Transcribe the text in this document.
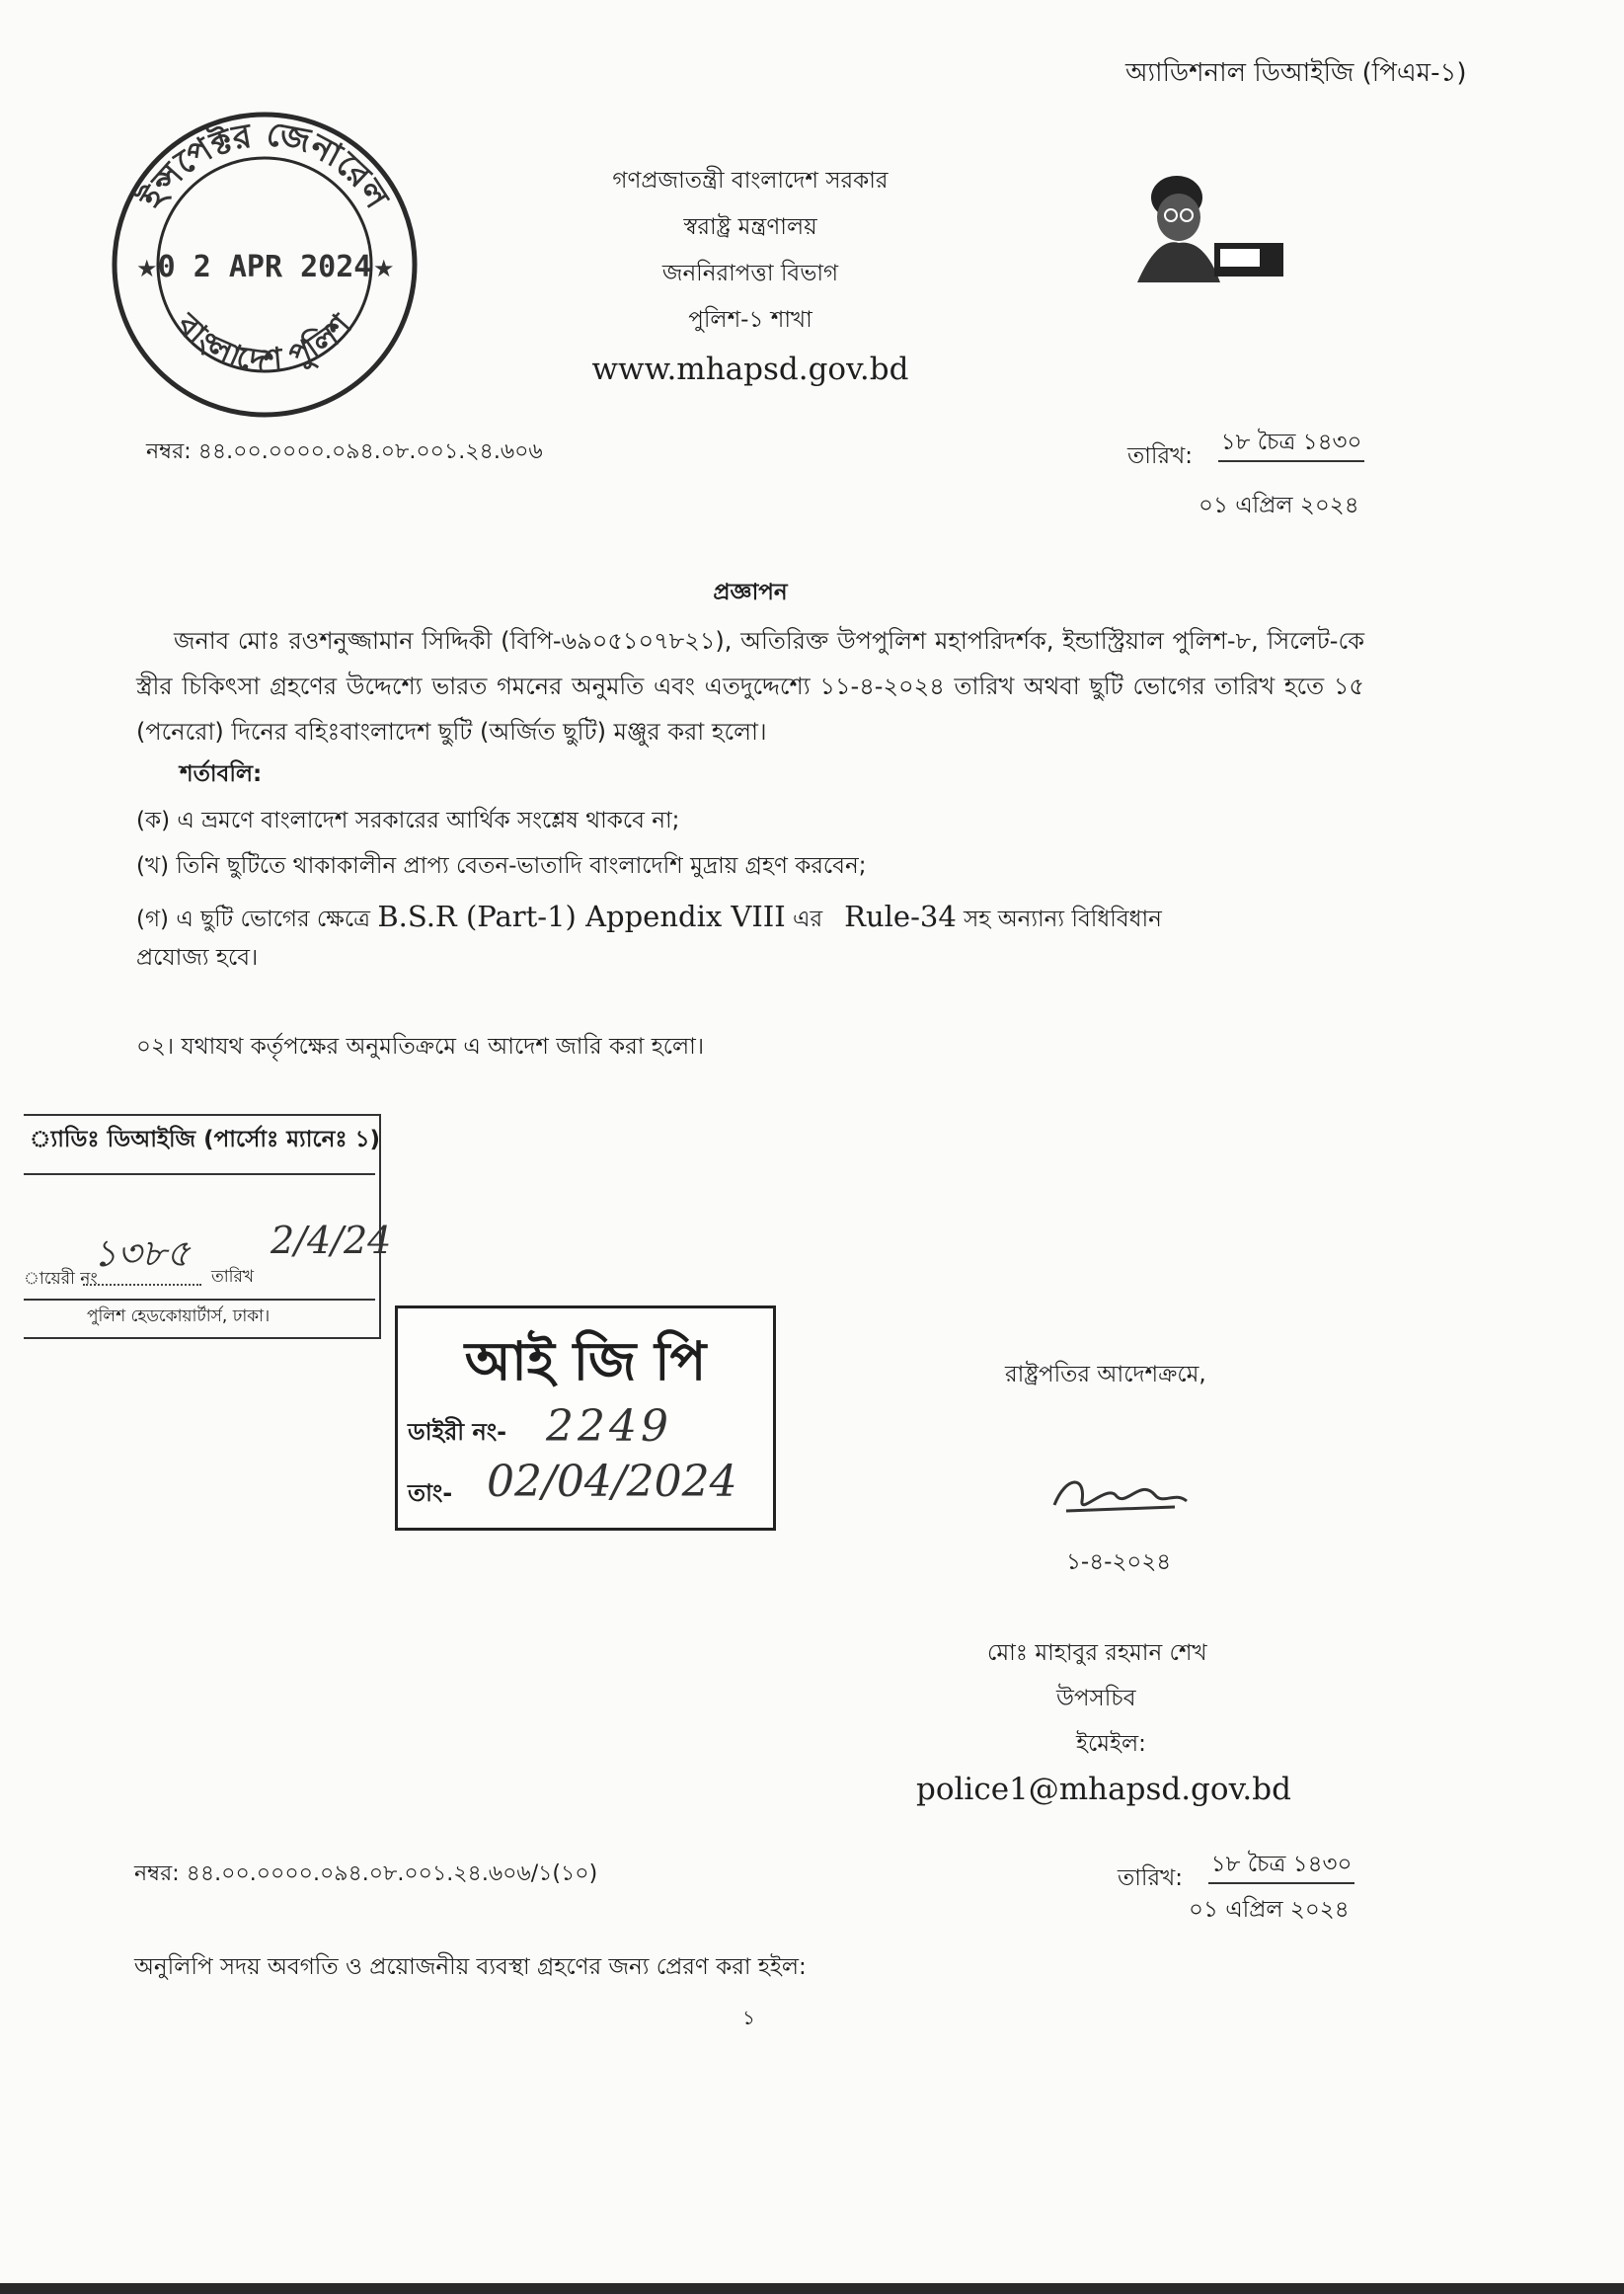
অ্যাডিশনাল ডিআইজি (পিএম-১)
ইন্সপেক্টর জেনারেল
বাংলাদেশ পুলিশ
0 2 APR 2024
★	★
গণপ্রজাতন্ত্রী বাংলাদেশ সরকার
স্বরাষ্ট্র মন্ত্রণালয়
জননিরাপত্তা বিভাগ
পুলিশ-১ শাখা
www.mhapsd.gov.bd
নম্বর: ৪৪.০০.০০০০.০৯৪.০৮.০০১.২৪.৬০৬	তারিখ:
১৮ চৈত্র ১৪৩০
০১ এপ্রিল ২০২৪
প্রজ্ঞাপন
জনাব মোঃ রওশনুজ্জামান সিদ্দিকী (বিপি-৬৯০৫১০৭৮২১), অতিরিক্ত উপপুলিশ মহাপরিদর্শক, ইন্ডাস্ট্রিয়াল পুলিশ-৮, সিলেট-কে স্ত্রীর চিকিৎসা গ্রহণের উদ্দেশ্যে ভারত গমনের অনুমতি এবং এতদুদ্দেশ্যে ১১-৪-২০২৪ তারিখ অথবা ছুটি ভোগের তারিখ হতে ১৫ (পনেরো) দিনের বহিঃবাংলাদেশ ছুটি (অর্জিত ছুটি) মঞ্জুর করা হলো।
শর্তাবলি:
(ক) এ ভ্রমণে বাংলাদেশ সরকারের আর্থিক সংশ্লেষ থাকবে না;
(খ) তিনি ছুটিতে থাকাকালীন প্রাপ্য বেতন-ভাতাদি বাংলাদেশি মুদ্রায় গ্রহণ করবেন;
(গ) এ ছুটি ভোগের ক্ষেত্রে B.S.R (Part-1) Appendix VIII এর Rule-34 সহ অন্যান্য বিধিবিধান
প্রযোজ্য হবে।
০২। যথাযথ কর্তৃপক্ষের অনুমতিক্রমে এ আদেশ জারি করা হলো।
্যাডিঃ ডিআইজি (পার্সোঃ ম্যানেঃ ১)
১৩৮৫ 2/4/24
ায়েরী নং	তারিখ
পুলিশ হেডকোয়ার্টার্স, ঢাকা।
আই জি পি
ডাইরী নং- 2249
তাং- 02/04/2024
রাষ্ট্রপতির আদেশক্রমে,
১-৪-২০২৪
মোঃ মাহাবুর রহমান শেখ
উপসচিব
ইমেইল:
police1@mhapsd.gov.bd
নম্বর: ৪৪.০০.০০০০.০৯৪.০৮.০০১.২৪.৬০৬/১(১০)	তারিখ:
১৮ চৈত্র ১৪৩০
০১ এপ্রিল ২০২৪
অনুলিপি সদয় অবগতি ও প্রয়োজনীয় ব্যবস্থা গ্রহণের জন্য প্রেরণ করা হইল:
১
